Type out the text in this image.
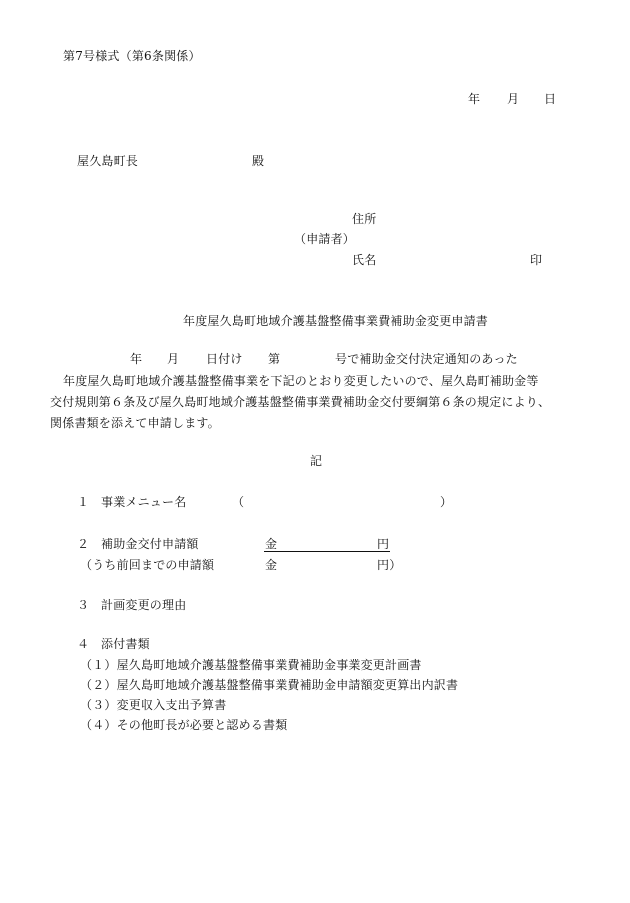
第7号様式（第6条関係）
年 月 日
屋久島町長	殿
住所
（申請者）
氏名	印
年度屋久島町地域介護基盤整備事業費補助金変更申請書
年 月 日付け 第	号で補助金交付決定通知のあった
年度屋久島町地域介護基盤整備事業を下記のとおり変更したいので、屋久島町補助金等
交付規則第６条及び屋久島町地域介護基盤整備事業費補助金交付要綱第６条の規定により、
関係書類を添えて申請します。
記
１ 事業メニュー名	（	）
２ 補助金交付申請額	金	円
（うち前回までの申請額	金	円）
３ 計画変更の理由
４ 添付書類
（１）屋久島町地域介護基盤整備事業費補助金事業変更計画書
（２）屋久島町地域介護基盤整備事業費補助金申請額変更算出内訳書
（３）変更収入支出予算書
（４）その他町長が必要と認める書類
